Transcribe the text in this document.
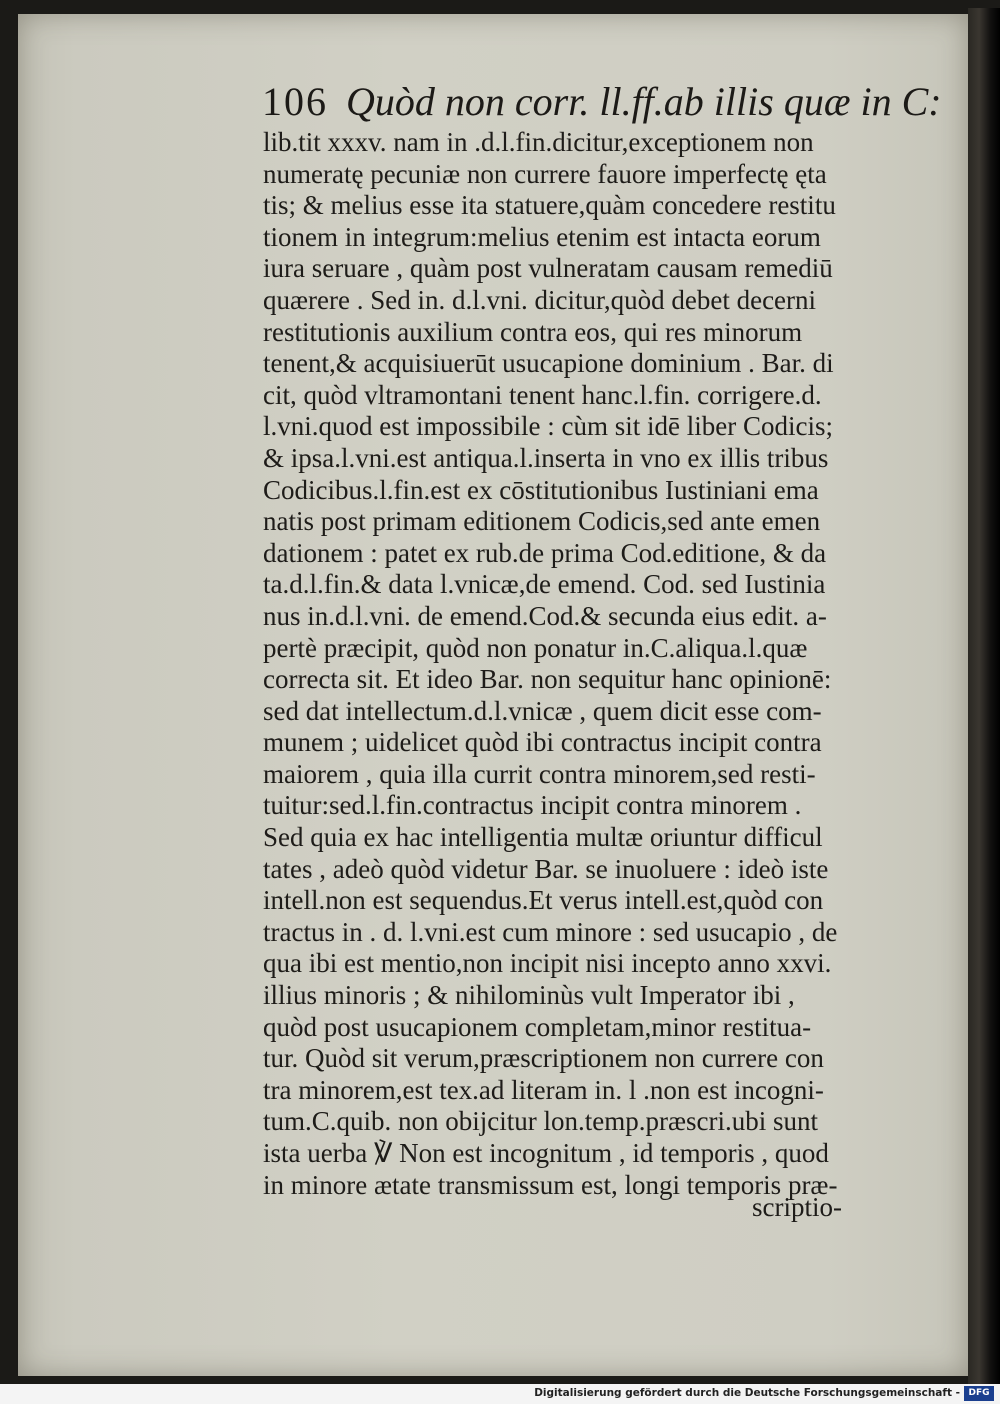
106 Quòd non corr. ll.ff.ab illis quæ in C:
lib.tit xxxv. nam in .d.l.fin.dicitur,exceptionem non
numeratę pecuniæ non currere fauore imperfectę ęta
tis; & melius esse ita statuere,quàm concedere restitu
tionem in integrum:melius etenim est intacta eorum
iura seruare , quàm post vulneratam causam remediū
quærere . Sed in. d.l.vni. dicitur,quòd debet decerni
restitutionis auxilium contra eos, qui res minorum
tenent,& acquisiuerūt usucapione dominium . Bar. di
cit, quòd vltramontani tenent hanc.l.fin. corrigere.d.
l.vni.quod est impossibile : cùm sit idē liber Codicis;
& ipsa.l.vni.est antiqua.l.inserta in vno ex illis tribus
Codicibus.l.fin.est ex cōstitutionibus Iustiniani ema
natis post primam editionem Codicis,sed ante emen
dationem : patet ex rub.de prima Cod.editione, & da
ta.d.l.fin.& data l.vnicæ,de emend. Cod. sed Iustinia
nus in.d.l.vni. de emend.Cod.& secunda eius edit. a-
pertè præcipit, quòd non ponatur in.C.aliqua.l.quæ
correcta sit. Et ideo Bar. non sequitur hanc opinionē:
sed dat intellectum.d.l.vnicæ , quem dicit esse com-
munem ; uidelicet quòd ibi contractus incipit contra
maiorem , quia illa currit contra minorem,sed resti-
tuitur:sed.l.fin.contractus incipit contra minorem .
Sed quia ex hac intelligentia multæ oriuntur difficul
tates , adeò quòd videtur Bar. se inuoluere : ideò iste
intell.non est sequendus.Et verus intell.est,quòd con
tractus in . d. l.vni.est cum minore : sed usucapio , de
qua ibi est mentio,non incipit nisi incepto anno xxvi.
illius minoris ; & nihilominùs vult Imperator ibi ,
quòd post usucapionem completam,minor restitua-
tur. Quòd sit verum,præscriptionem non currere con
tra minorem,est tex.ad literam in. l .non est incogni-
tum.C.quib. non obijcitur lon.temp.præscri.ubi sunt
ista uerba ℣ Non est incognitum , id temporis , quod
in minore ætate transmissum est, longi temporis præ-
scriptio-
Digitalisierung gefördert durch die Deutsche Forschungsgemeinschaft - DFG
